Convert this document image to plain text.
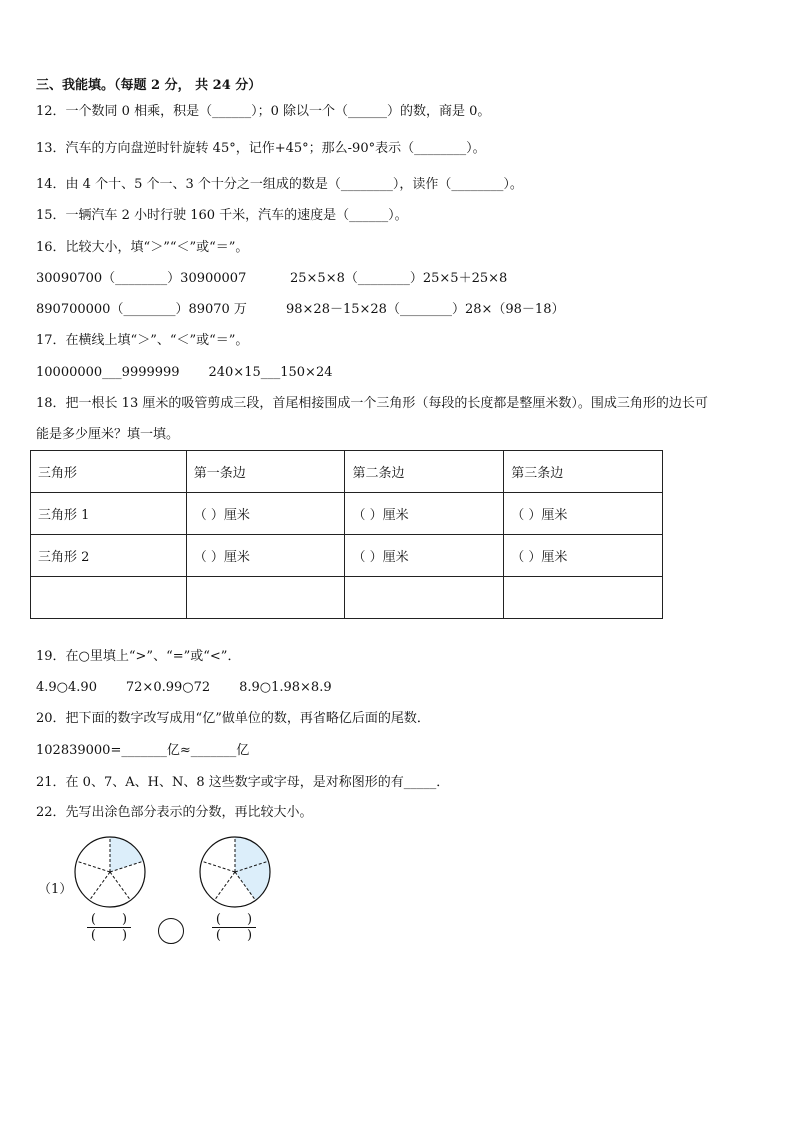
三、我能填。（每题 2 分， 共 24 分）
12．一个数同 0 相乘，积是（______）；0 除以一个（______）的数，商是 0。
13．汽车的方向盘逆时针旋转 45°，记作+45°；那么-90°表示（________）。
14．由 4 个十、5 个一、3 个十分之一组成的数是（________），读作（________）。
15．一辆汽车 2 小时行驶 160 千米，汽车的速度是（______）。
16．比较大小，填“＞”“＜”或“＝”。
30090700（________）30900007	25×5×8（________）25×5＋25×8
890700000（________）89070 万	98×28－15×28（________）28×（98－18）
17．在横线上填“＞”、“＜”或“＝”。
10000000___9999999       240×15___150×24
18．把一根长 13 厘米的吸管剪成三段，首尾相接围成一个三角形（每段的长度都是整厘米数）。围成三角形的边长可
能是多少厘米？填一填。
三角形	第一条边	第二条边	第三条边
三角形 1	（ ）厘米	（ ）厘米	（ ）厘米
三角形 2	（ ）厘米	（ ）厘米	（ ）厘米

19．在○里填上“>”、“=”或“<”．
4.9○4.90       72×0.99○72       8.9○1.98×8.9
20．把下面的数字改写成用“亿”做单位的数，再省略亿后面的尾数．
102839000=_______亿≈_______亿
21．在 0、7、A、H、N、8 这些数字或字母，是对称图形的有_____．
22．先写出涂色部分表示的分数，再比较大小。
（1）
(　　)
(　　)
(　　)
(　　)
